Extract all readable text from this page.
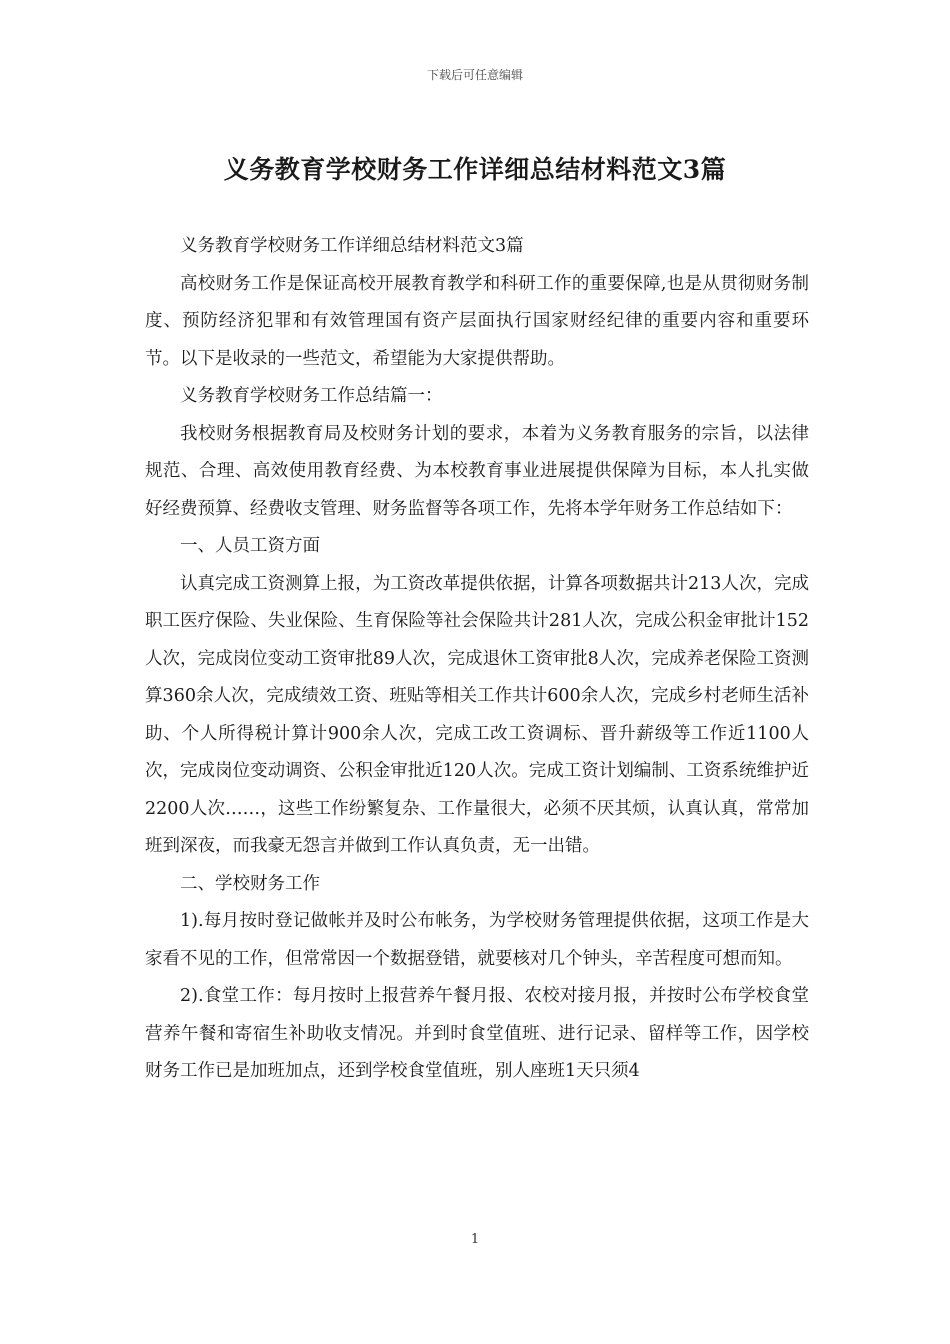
下载后可任意编辑
义务教育学校财务工作详细总结材料范文3篇

义务教育学校财务工作详细总结材料范文3篇

高校财务工作是保证高校开展教育教学和科研工作的重要保障,也是从贯彻财务制度、预防经济犯罪和有效管理国有资产层面执行国家财经纪律的重要内容和重要环节。以下是收录的一些范文，希望能为大家提供帮助。

义务教育学校财务工作总结篇一：

我校财务根据教育局及校财务计划的要求，本着为义务教育服务的宗旨，以法律规范、合理、高效使用教育经费、为本校教育事业进展提供保障为目标，本人扎实做好经费预算、经费收支管理、财务监督等各项工作，先将本学年财务工作总结如下：

一、人员工资方面

认真完成工资测算上报，为工资改革提供依据，计算各项数据共计213人次，完成职工医疗保险、失业保险、生育保险等社会保险共计281人次，完成公积金审批计152人次，完成岗位变动工资审批89人次，完成退休工资审批8人次，完成养老保险工资测算360余人次，完成绩效工资、班贴等相关工作共计600余人次，完成乡村老师生活补助、个人所得税计算计900余人次，完成工改工资调标、晋升薪级等工作近1100人次，完成岗位变动调资、公积金审批近120人次。完成工资计划编制、工资系统维护近2200人次……，这些工作纷繁复杂、工作量很大，必须不厌其烦，认真认真，常常加班到深夜，而我豪无怨言并做到工作认真负责，无一出错。

二、学校财务工作

1).每月按时登记做帐并及时公布帐务，为学校财务管理提供依据，这项工作是大家看不见的工作，但常常因一个数据登错，就要核对几个钟头，辛苦程度可想而知。

2).食堂工作：每月按时上报营养午餐月报、农校对接月报，并按时公布学校食堂营养午餐和寄宿生补助收支情况。并到时食堂值班、进行记录、留样等工作，因学校财务工作已是加班加点，还到学校食堂值班，别人座班1天只须4

1
